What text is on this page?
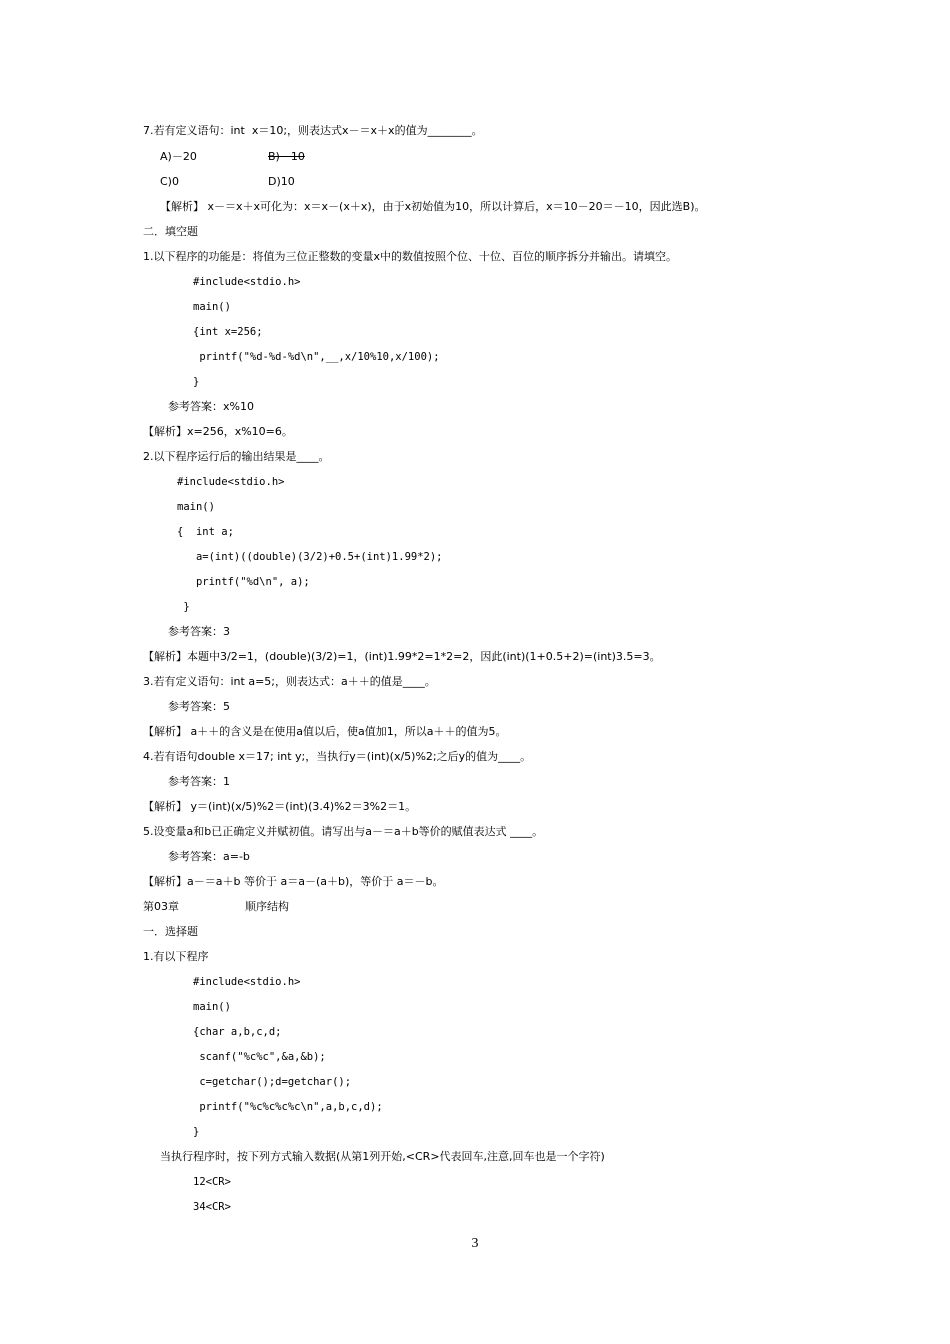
7.若有定义语句：int  x＝10;，则表达式x－＝x＋x的值为________。
A)－20	B)－10
C)0	D)10
【解析】 x－＝x＋x可化为：x＝x－(x＋x)，由于x初始值为10，所以计算后，x＝10－20＝－10，因此选B)。
二．填空题
1.以下程序的功能是：将值为三位正整数的变量x中的数值按照个位、十位、百位的顺序拆分并输出。请填空。
#include<stdio.h>
main()
{int x=256;
printf("%d-%d-%d\n",__,x/10%10,x/100);
}
参考答案：x%10
【解析】x=256，x%10=6。
2.以下程序运行后的输出结果是____。
#include<stdio.h>
main()
{  int a;
a=(int)((double)(3/2)+0.5+(int)1.99*2);
printf("%d\n", a);
}
参考答案：3
【解析】本题中3/2=1，(double)(3/2)=1，(int)1.99*2=1*2=2，因此(int)(1+0.5+2)=(int)3.5=3。
3.若有定义语句：int a=5;，则表达式：a＋＋的值是____。
参考答案：5
【解析】 a＋＋的含义是在使用a值以后，使a值加1，所以a＋＋的值为5。
4.若有语句double x＝17; int y;，当执行y＝(int)(x/5)%2;之后y的值为____。
参考答案：1
【解析】 y＝(int)(x/5)%2＝(int)(3.4)%2＝3%2＝1。
5.设变量a和b已正确定义并赋初值。请写出与a－＝a＋b等价的赋值表达式 ____。
参考答案：a=-b
【解析】a－＝a＋b 等价于 a＝a－(a＋b)，等价于 a＝－b。
第03章	顺序结构
一．选择题
1.有以下程序
#include<stdio.h>
main()
{char a,b,c,d;
scanf("%c%c",&a,&b);
c=getchar();d=getchar();
printf("%c%c%c%c\n",a,b,c,d);
}
当执行程序时，按下列方式输入数据(从第1列开始,<CR>代表回车,注意,回车也是一个字符)
12<CR>
34<CR>
3
